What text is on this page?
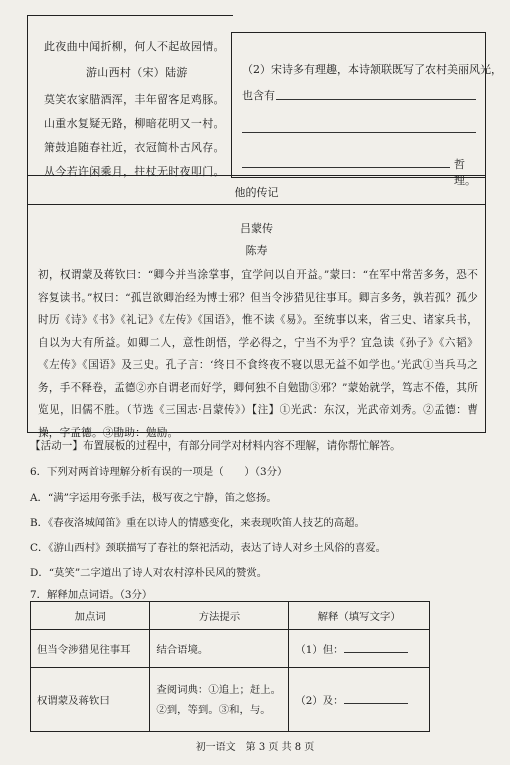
此夜曲中闻折柳，何人不起故园情。
游山西村（宋）陆游
莫笑农家腊酒浑，丰年留客足鸡豚。
山重水复疑无路，柳暗花明又一村。
箫鼓追随春社近，衣冠简朴古风存。
从今若许闲乘月，拄杖无时夜叩门。
（2）宋诗多有理趣，本诗颔联既写了农村美丽风光，
也含有
哲理。
他的传记
吕蒙传
陈寿
初，权谓蒙及蒋钦曰：“卿今并当涂掌事，宜学问以自开益。”蒙曰：“在军中常苦多务，恐不容复读书。”权曰：“孤岂欲卿治经为博士邪？但当令涉猎见往事耳。卿言多务，孰若孤？孤少时历《诗》《书》《礼记》《左传》《国语》，惟不读《易》。至统事以来，省三史、诸家兵书，自以为大有所益。如卿二人，意性朗悟，学必得之，宁当不为乎？宜急读《孙子》《六韬》《左传》《国语》及三史。孔子言：‘终日不食终夜不寝以思无益不如学也。’光武①当兵马之务，手不释卷，孟德②亦自谓老而好学，卿何独不自勉勖③邪？”蒙始就学，笃志不倦，其所览见，旧儒不胜。（节选《三国志·吕蒙传》）【注】①光武：东汉，光武帝刘秀。②孟德：曹操，字孟德。③勖助：勉励。
【活动一】布置展板的过程中，有部分同学对材料内容不理解，请你帮忙解答。
6．下列对两首诗理解分析有误的一项是（　　）（3分）
A．“满”字运用夸张手法，极写夜之宁静，笛之悠扬。
B．《春夜洛城闻笛》重在以诗人的情感变化，来表现吹笛人技艺的高超。
C．《游山西村》颈联描写了春社的祭祀活动，表达了诗人对乡土风俗的喜爱。
D．“莫笑”二字道出了诗人对农村淳朴民风的赞赏。
7．解释加点词语。（3分）
加点词	方法提示	解释（填写文字）
但当令涉猎见往事耳	结合语境。	（1）但：
权谓蒙及蒋钦曰	查阅词典：①追上；赶上。②到，等到。③和，与。	（2）及：
初一语文　第 3 页 共 8 页
